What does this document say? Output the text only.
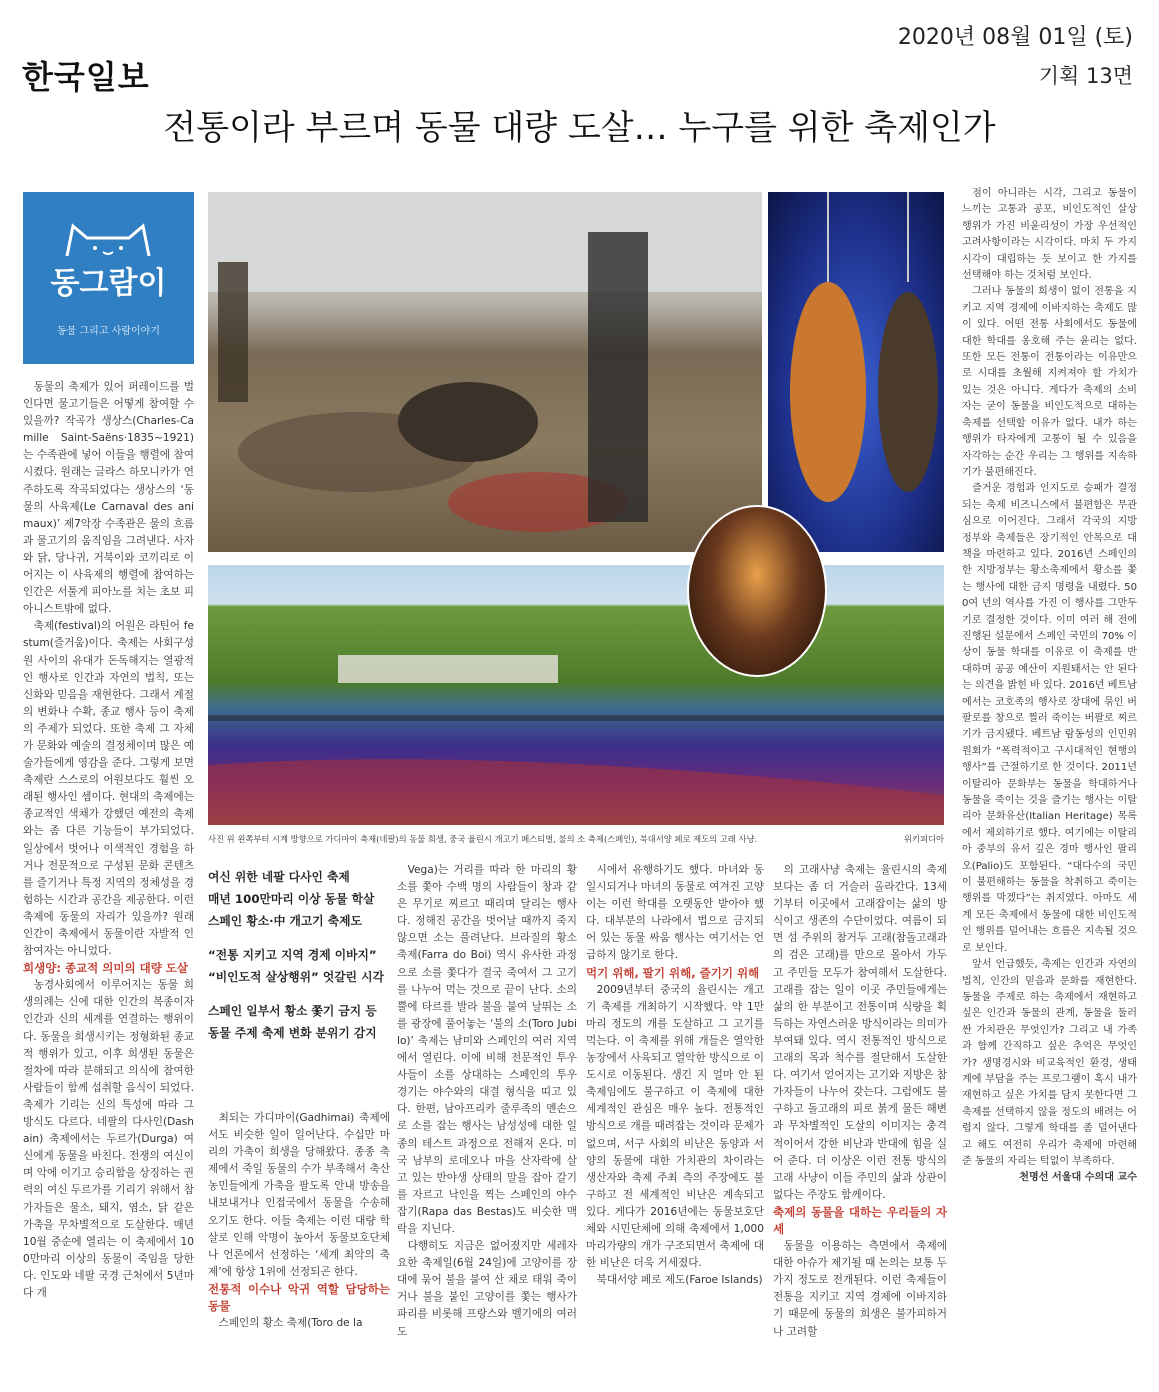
한국일보
2020년 08월 01일 (토)
기획 13면
전통이라 부르며 동물 대량 도살… 누구를 위한 축제인가
동그람이
동물 그리고 사람이야기

동물의 축제가 있어 퍼레이드를 벌인다면 물고기들은 어떻게 참여할 수 있을까? 작곡가 생상스(Charles-Camille Saint-Saëns·1835~1921)는 수족관에 넣어 이들을 행렬에 참여시켰다. 원래는 글라스 하모니카가 연주하도록 작곡되었다는 생상스의 ‘동물의 사육제(Le Carnaval des animaux)’ 제7악장 수족관은 물의 흐름과 물고기의 움직임을 그려낸다. 사자와 닭, 당나귀, 거북이와 코끼리로 이어지는 이 사육제의 행렬에 참여하는 인간은 서툴게 피아노를 치는 초보 피아니스트밖에 없다.

축제(festival)의 어원은 라틴어 festum(즐거움)이다. 축제는 사회구성원 사이의 유대가 돈독해지는 열광적인 행사로 인간과 자연의 법칙, 또는 신화와 믿음을 재현한다. 그래서 계절의 변화나 수확, 종교 행사 등이 축제의 주제가 되었다. 또한 축제 그 자체가 문화와 예술의 결정체이며 많은 예술가들에게 영감을 준다. 그렇게 보면 축제란 스스로의 어원보다도 훨씬 오래된 행사인 셈이다. 현대의 축제에는 종교적인 색채가 강했던 예전의 축제와는 좀 다른 기능들이 부가되었다. 일상에서 벗어나 이색적인 경험을 하거나 전문적으로 구성된 문화 콘텐츠를 즐기거나 특정 지역의 정체성을 경험하는 시간과 공간을 제공한다. 이런 축제에 동물의 자리가 있을까? 원래 인간이 축제에서 동물이란 자발적 인 참여자는 아니었다.

희생양: 종교적 의미의 대량 도살

농경사회에서 이루어지는 동물 희생의례는 신에 대한 인간의 복종이자 인간과 신의 세계를 연결하는 행위이다. 동물을 희생시키는 정형화된 종교적 행위가 있고, 이후 희생된 동물은 절차에 따라 분해되고 의식에 참여한 사람들이 함께 섭취할 음식이 되었다. 축제가 기리는 신의 특성에 따라 그 방식도 다르다. 네팔의 다사인(Dashain) 축제에서는 두르가(Durga) 여신에게 동물을 바친다. 전쟁의 여신이며 악에 이기고 승리함을 상징하는 권력의 여신 두르가를 기리기 위해서 참가자들은 물소, 돼지, 염소, 닭 같은 가축을 무차별적으로 도살한다. 매년 10월 중순에 열리는 이 축제에서 100만마리 이상의 동물이 죽임을 당한다. 인도와 네팔 국경 근처에서 5년마다 개

사진 위 왼쪽부터 시계 방향으로 가디마이 축제(네팔)의 동물 희생, 중국 율린시 개고기 페스티벌, 불의 소 축제(스페인), 북대서양 페로 제도의 고래 사냥.	위키피디아
여신 위한 네팔 다사인 축제
매년 100만마리 이상 동물 학살
스페인 황소·中 개고기 축제도
“전통 지키고 지역 경제 이바지”
“비인도적 살상행위” 엇갈린 시각
스페인 일부서 황소 쫓기 금지 등
동물 주제 축제 변화 분위기 감지

최되는 가디마이(Gadhimai) 축제에서도 비슷한 일이 일어난다. 수십만 마리의 가축이 희생을 당해왔다. 종종 축제에서 죽일 동물의 수가 부족해서 축산농민들에게 가축을 팔도록 안내 방송을 내보내거나 인접국에서 동물을 수송해 오기도 한다. 이들 축제는 이런 대량 학살로 인해 악명이 높아서 동물보호단체나 언론에서 선정하는 ‘세계 최악의 축제’에 항상 1위에 선정되곤 한다.

전통적 이수나 악귀 역할 담당하는 동물

스페인의 황소 축제(Toro de la

Vega)는 거리를 따라 한 마리의 황소를 쫓아 수백 명의 사람들이 창과 같은 무기로 찌르고 때리며 달리는 행사다. 정해진 공간을 벗어날 때까지 죽지 않으면 소는 풀려난다. 브라질의 황소 축제(Farra do Boi) 역시 유사한 과정으로 소를 쫓다가 결국 죽여서 그 고기를 나누어 먹는 것으로 끝이 난다. 소의 뿔에 타르를 발라 불을 붙여 날뛰는 소를 광장에 풀어놓는 ‘불의 소(Toro Jubilo)’ 축제는 남미와 스페인의 여러 지역에서 열린다. 이에 비해 전문적인 투우사들이 소를 상대하는 스페인의 투우 경기는 야수와의 대결 형식을 띠고 있다. 한편, 남아프리카 줄루족의 멘손으로 소를 잡는 행사는 남성성에 대한 일종의 테스트 과정으로 전해져 온다. 미국 남부의 로데오나 마을 산자락에 살고 있는 반야생 상태의 말을 잡아 갈기를 자르고 낙인을 찍는 스페인의 야수 잡기(Rapa das Bestas)도 비슷한 맥락을 지닌다.

다행히도 지금은 없어졌지만 세레자요한 축제일(6월 24일)에 고양이를 장대에 묶어 불을 붙여 산 채로 태워 죽이거나 불을 붙인 고양이를 쫓는 행사가 파리를 비롯해 프랑스와 벨기에의 여러 도

시에서 유행하기도 했다. 마녀와 동일시되거나 마녀의 동물로 여겨진 고양이는 이런 학대를 오랫동안 받아야 했다. 대부분의 나라에서 법으로 금지되어 있는 동물 싸움 행사는 여기서는 언급하지 않기로 한다.

먹기 위해, 팔기 위해, 즐기기 위해

2009년부터 중국의 율린시는 개고기 축제를 개최하기 시작했다. 약 1만마리 정도의 개를 도살하고 그 고기를 먹는다. 이 축제를 위해 개들은 열악한 농장에서 사육되고 열악한 방식으로 이도시로 이동된다. 생긴 지 얼마 안 된 축제임에도 불구하고 이 축제에 대한 세계적인 관심은 매우 높다. 전통적인 방식으로 개를 때려잡는 것이라 문제가 없으며, 서구 사회의 비난은 동양과 서양의 동물에 대한 가치관의 차이라는 생산자와 축제 주최 측의 주장에도 불구하고 전 세계적인 비난은 계속되고 있다. 게다가 2016년에는 동물보호단체와 시민단체에 의해 축제에서 1,000마리가량의 개가 구조되면서 축제에 대한 비난은 더욱 거세졌다.

북대서양 페로 제도(Faroe Islands)

의 고래사냥 축제는 율린시의 축제보다는 좀 더 거슬러 올라간다. 13세기부터 이곳에서 고래잡이는 삶의 방식이고 생존의 수단이었다. 여름이 되면 섬 주위의 참거두 고래(참돌고래과의 검은 고래)를 만으로 몰아서 가두고 주민들 모두가 참여해서 도살한다. 고래를 잡는 일이 이곳 주민들에게는 삶의 한 부분이고 전통이며 식량을 획득하는 자연스러운 방식이라는 의미가 부여돼 있다. 역시 전통적인 방식으로 고래의 목과 척수를 절단해서 도살한다. 여기서 얻어지는 고기와 지방은 참가자들이 나누어 갖는다. 그럼에도 불구하고 돌고래의 피로 붉게 물든 해변과 무차별적인 도살의 이미지는 충격적이어서 강한 비난과 반대에 힘을 실어 준다. 더 이상은 이런 전통 방식의 고래 사냥이 이들 주민의 삶과 상관이 없다는 주장도 함께이다.

축제의 동물을 대하는 우리들의 자세

동물을 이용하는 측면에서 축제에 대한 아슈가 제기될 때 논의는 보통 두 가지 정도로 전개된다. 이런 축제들이 전통을 지키고 지역 경제에 이바지하기 때문에 동물의 희생은 불가피하거나 고려할

점이 아니라는 시각, 그리고 동물이 느끼는 고통과 공포, 비인도적인 살상 행위가 가진 비윤리성이 가장 우선적인 고려사항이라는 시각이다. 마치 두 가지 시각이 대립하는 듯 보이고 한 가지를 선택해야 하는 것처럼 보인다.

그러나 동물의 희생이 없이 전통을 지키고 지역 경제에 이바지하는 축제도 많이 있다. 어떤 전통 사회에서도 동물에 대한 학대를 옹호해 주는 윤리는 없다. 또한 모든 전통이 전통이라는 이유만으로 시대를 초월해 지켜져야 할 가치가 있는 것은 아니다. 게다가 축제의 소비자는 굳이 동물을 비인도적으로 대하는 축제를 선택할 이유가 없다. 내가 하는 행위가 타자에게 고통이 될 수 있음을 자각하는 순간 우리는 그 행위를 지속하기가 불편해진다.

즐거운 경험과 인지도로 승패가 결정되는 축제 비즈니스에서 불편함은 무관심으로 이어진다. 그래서 각국의 지방 정부와 축제들은 장기적인 안목으로 대책을 마련하고 있다. 2016년 스페인의 한 지방정부는 황소축제에서 황소를 쫓는 행사에 대한 금지 명령을 내렸다. 500여 년의 역사를 가진 이 행사를 그만두기로 결정한 것이다. 이미 여러 해 전에 진행된 설문에서 스페인 국민의 70% 이상이 동물 학대를 이유로 이 축제를 반대하며 공공 예산이 지원돼서는 안 된다는 의견을 밝힌 바 있다. 2016년 베트남에서는 코호족의 행사로 장대에 묶인 버팔로를 창으로 찔러 죽이는 버팔로 찌르기가 금지됐다. 베트남 람동성의 인민위원회가 “폭력적이고 구시대적인 현행의 행사”를 근절하기로 한 것이다. 2011년 이탈리아 문화부는 동물을 학대하거나 동물을 죽이는 것을 즐기는 행사는 이탈리아 문화유산(Italian Heritage) 목록에서 제외하기로 했다. 여기에는 이탈리아 중부의 유서 깊은 경마 행사인 팔리오(Palio)도 포함된다. “대다수의 국민이 불편해하는 동물을 착취하고 죽이는 행위를 막겠다”는 취지였다. 아마도 세계 모든 축제에서 동물에 대한 비인도적인 행위를 덜어내는 흐름은 지속될 것으로 보인다.

앞서 언급했듯, 축제는 인간과 자연의 법칙, 인간의 믿음과 문화를 재현한다. 동물을 주제로 하는 축제에서 재현하고 싶은 인간과 동물의 관계, 동물을 둘러싼 가치관은 무엇인가? 그리고 내 가족과 함께 간직하고 싶은 추억은 무엇인가? 생명경시와 비교육적인 환경, 생태계에 부담을 주는 프로그램이 혹시 내가 재현하고 싶은 가치를 담지 못한다면 그 축제를 선택하지 않을 정도의 배려는 어렵지 않다. 그렇게 학대를 좀 덜어낸다고 해도 여전히 우리가 축제에 마련해 준 동물의 자리는 턱없이 부족하다.

천명선 서울대 수의대 교수
